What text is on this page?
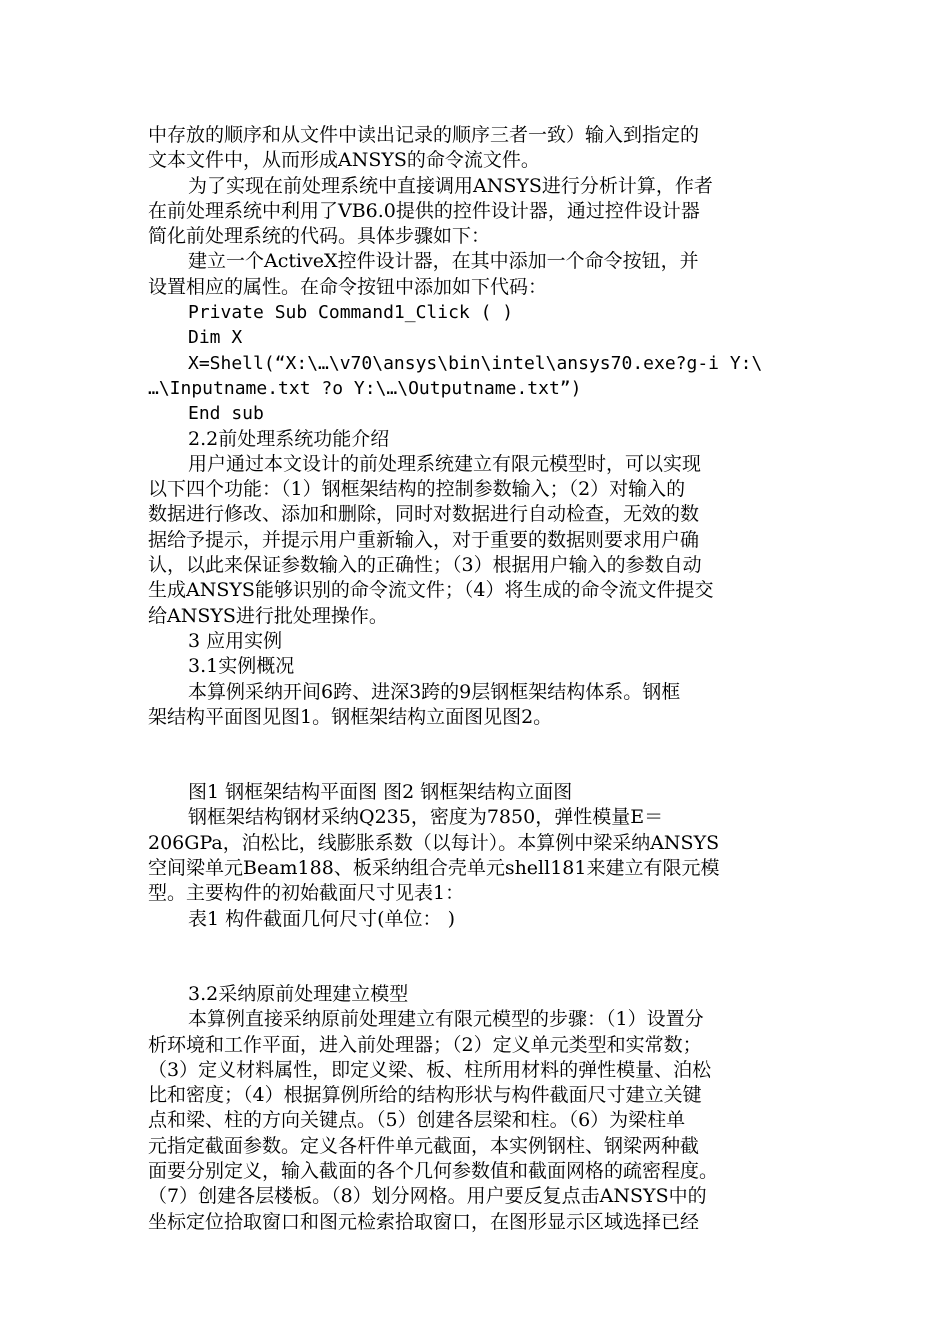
中存放的顺序和从文件中读出记录的顺序三者一致）输入到指定的
文本文件中，从而形成ANSYS的命令流文件。
为了实现在前处理系统中直接调用ANSYS进行分析计算，作者
在前处理系统中利用了VB6.0提供的控件设计器，通过控件设计器
简化前处理系统的代码。具体步骤如下：
建立一个ActiveX控件设计器，在其中添加一个命令按钮，并
设置相应的属性。在命令按钮中添加如下代码：
Private Sub Command1_Click ( )
Dim X
X=Shell(“X:\…\v70\ansys\bin\intel\ansys70.exe?g-i Y:\
…\Inputname.txt ?o Y:\…\Outputname.txt”)
End sub
2.2前处理系统功能介绍
用户通过本文设计的前处理系统建立有限元模型时，可以实现
以下四个功能：（1）钢框架结构的控制参数输入；（2）对输入的
数据进行修改、添加和删除，同时对数据进行自动检查，无效的数
据给予提示，并提示用户重新输入，对于重要的数据则要求用户确
认，以此来保证参数输入的正确性；（3）根据用户输入的参数自动
生成ANSYS能够识别的命令流文件；（4）将生成的命令流文件提交
给ANSYS进行批处理操作。
3 应用实例
3.1实例概况
本算例采纳开间6跨、进深3跨的9层钢框架结构体系。钢框
架结构平面图见图1。钢框架结构立面图见图2。
图1 钢框架结构平面图 图2 钢框架结构立面图
钢框架结构钢材采纳Q235，密度为7850，弹性模量E＝
206GPa，泊松比，线膨胀系数（以每计）。本算例中梁采纳ANSYS
空间梁单元Beam188、板采纳组合壳单元shell181来建立有限元模
型。主要构件的初始截面尺寸见表1：
表1 构件截面几何尺寸(单位： )
3.2采纳原前处理建立模型
本算例直接采纳原前处理建立有限元模型的步骤：（1）设置分
析环境和工作平面，进入前处理器；（2）定义单元类型和实常数；
（3）定义材料属性，即定义梁、板、柱所用材料的弹性模量、泊松
比和密度；（4）根据算例所给的结构形状与构件截面尺寸建立关键
点和梁、柱的方向关键点。（5）创建各层梁和柱。（6）为梁柱单
元指定截面参数。定义各杆件单元截面，本实例钢柱、钢梁两种截
面要分别定义，输入截面的各个几何参数值和截面网格的疏密程度。
（7）创建各层楼板。（8）划分网格。用户要反复点击ANSYS中的
坐标定位拾取窗口和图元检索拾取窗口，在图形显示区域选择已经
